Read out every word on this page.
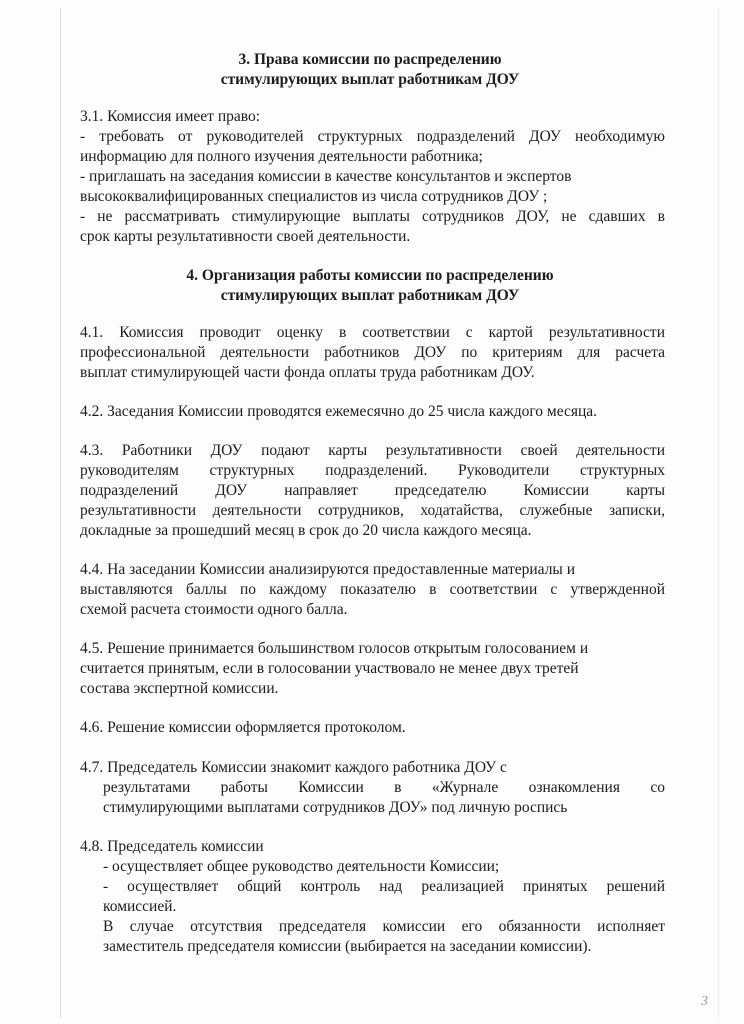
3. Права комиссии по распределению
стимулирующих выплат работникам ДОУ
3.1. Комиссия имеет право:
- требовать от руководителей структурных подразделений ДОУ необходимую
информацию для полного изучения деятельности работника;
- приглашать на заседания комиссии в качестве консультантов и экспертов
высококвалифицированных специалистов из числа сотрудников ДОУ ;
- не рассматривать стимулирующие выплаты сотрудников ДОУ, не сдавших в
срок карты результативности своей деятельности.
4. Организация работы комиссии по распределению
стимулирующих выплат работникам ДОУ
4.1. Комиссия проводит оценку в соответствии с картой результативности
профессиональной деятельности работников ДОУ по критериям для расчета
выплат стимулирующей части фонда оплаты труда работникам ДОУ.
4.2. Заседания Комиссии проводятся ежемесячно до 25 числа каждого месяца.
4.3. Работники ДОУ подают карты результативности своей деятельности
руководителям структурных подразделений. Руководители структурных
подразделений ДОУ направляет председателю Комиссии карты
результативности деятельности сотрудников, ходатайства, служебные записки,
докладные за прошедший месяц в срок до 20 числа каждого месяца.
4.4. На заседании Комиссии анализируются предоставленные материалы и
выставляются баллы по каждому показателю в соответствии с утвержденной
схемой расчета стоимости одного балла.
4.5. Решение принимается большинством голосов открытым голосованием и
считается принятым, если в голосовании участвовало не менее двух третей
состава экспертной комиссии.
4.6. Решение комиссии оформляется протоколом.
4.7. Председатель Комиссии знакомит каждого работника ДОУ с
результатами работы Комиссии в «Журнале ознакомления со
стимулирующими выплатами сотрудников ДОУ» под личную роспись
4.8. Председатель комиссии
- осуществляет общее руководство деятельности Комиссии;
- осуществляет общий контроль над реализацией принятых решений
комиссией.
В случае отсутствия председателя комиссии его обязанности исполняет
заместитель председателя комиссии (выбирается на заседании комиссии).
3
